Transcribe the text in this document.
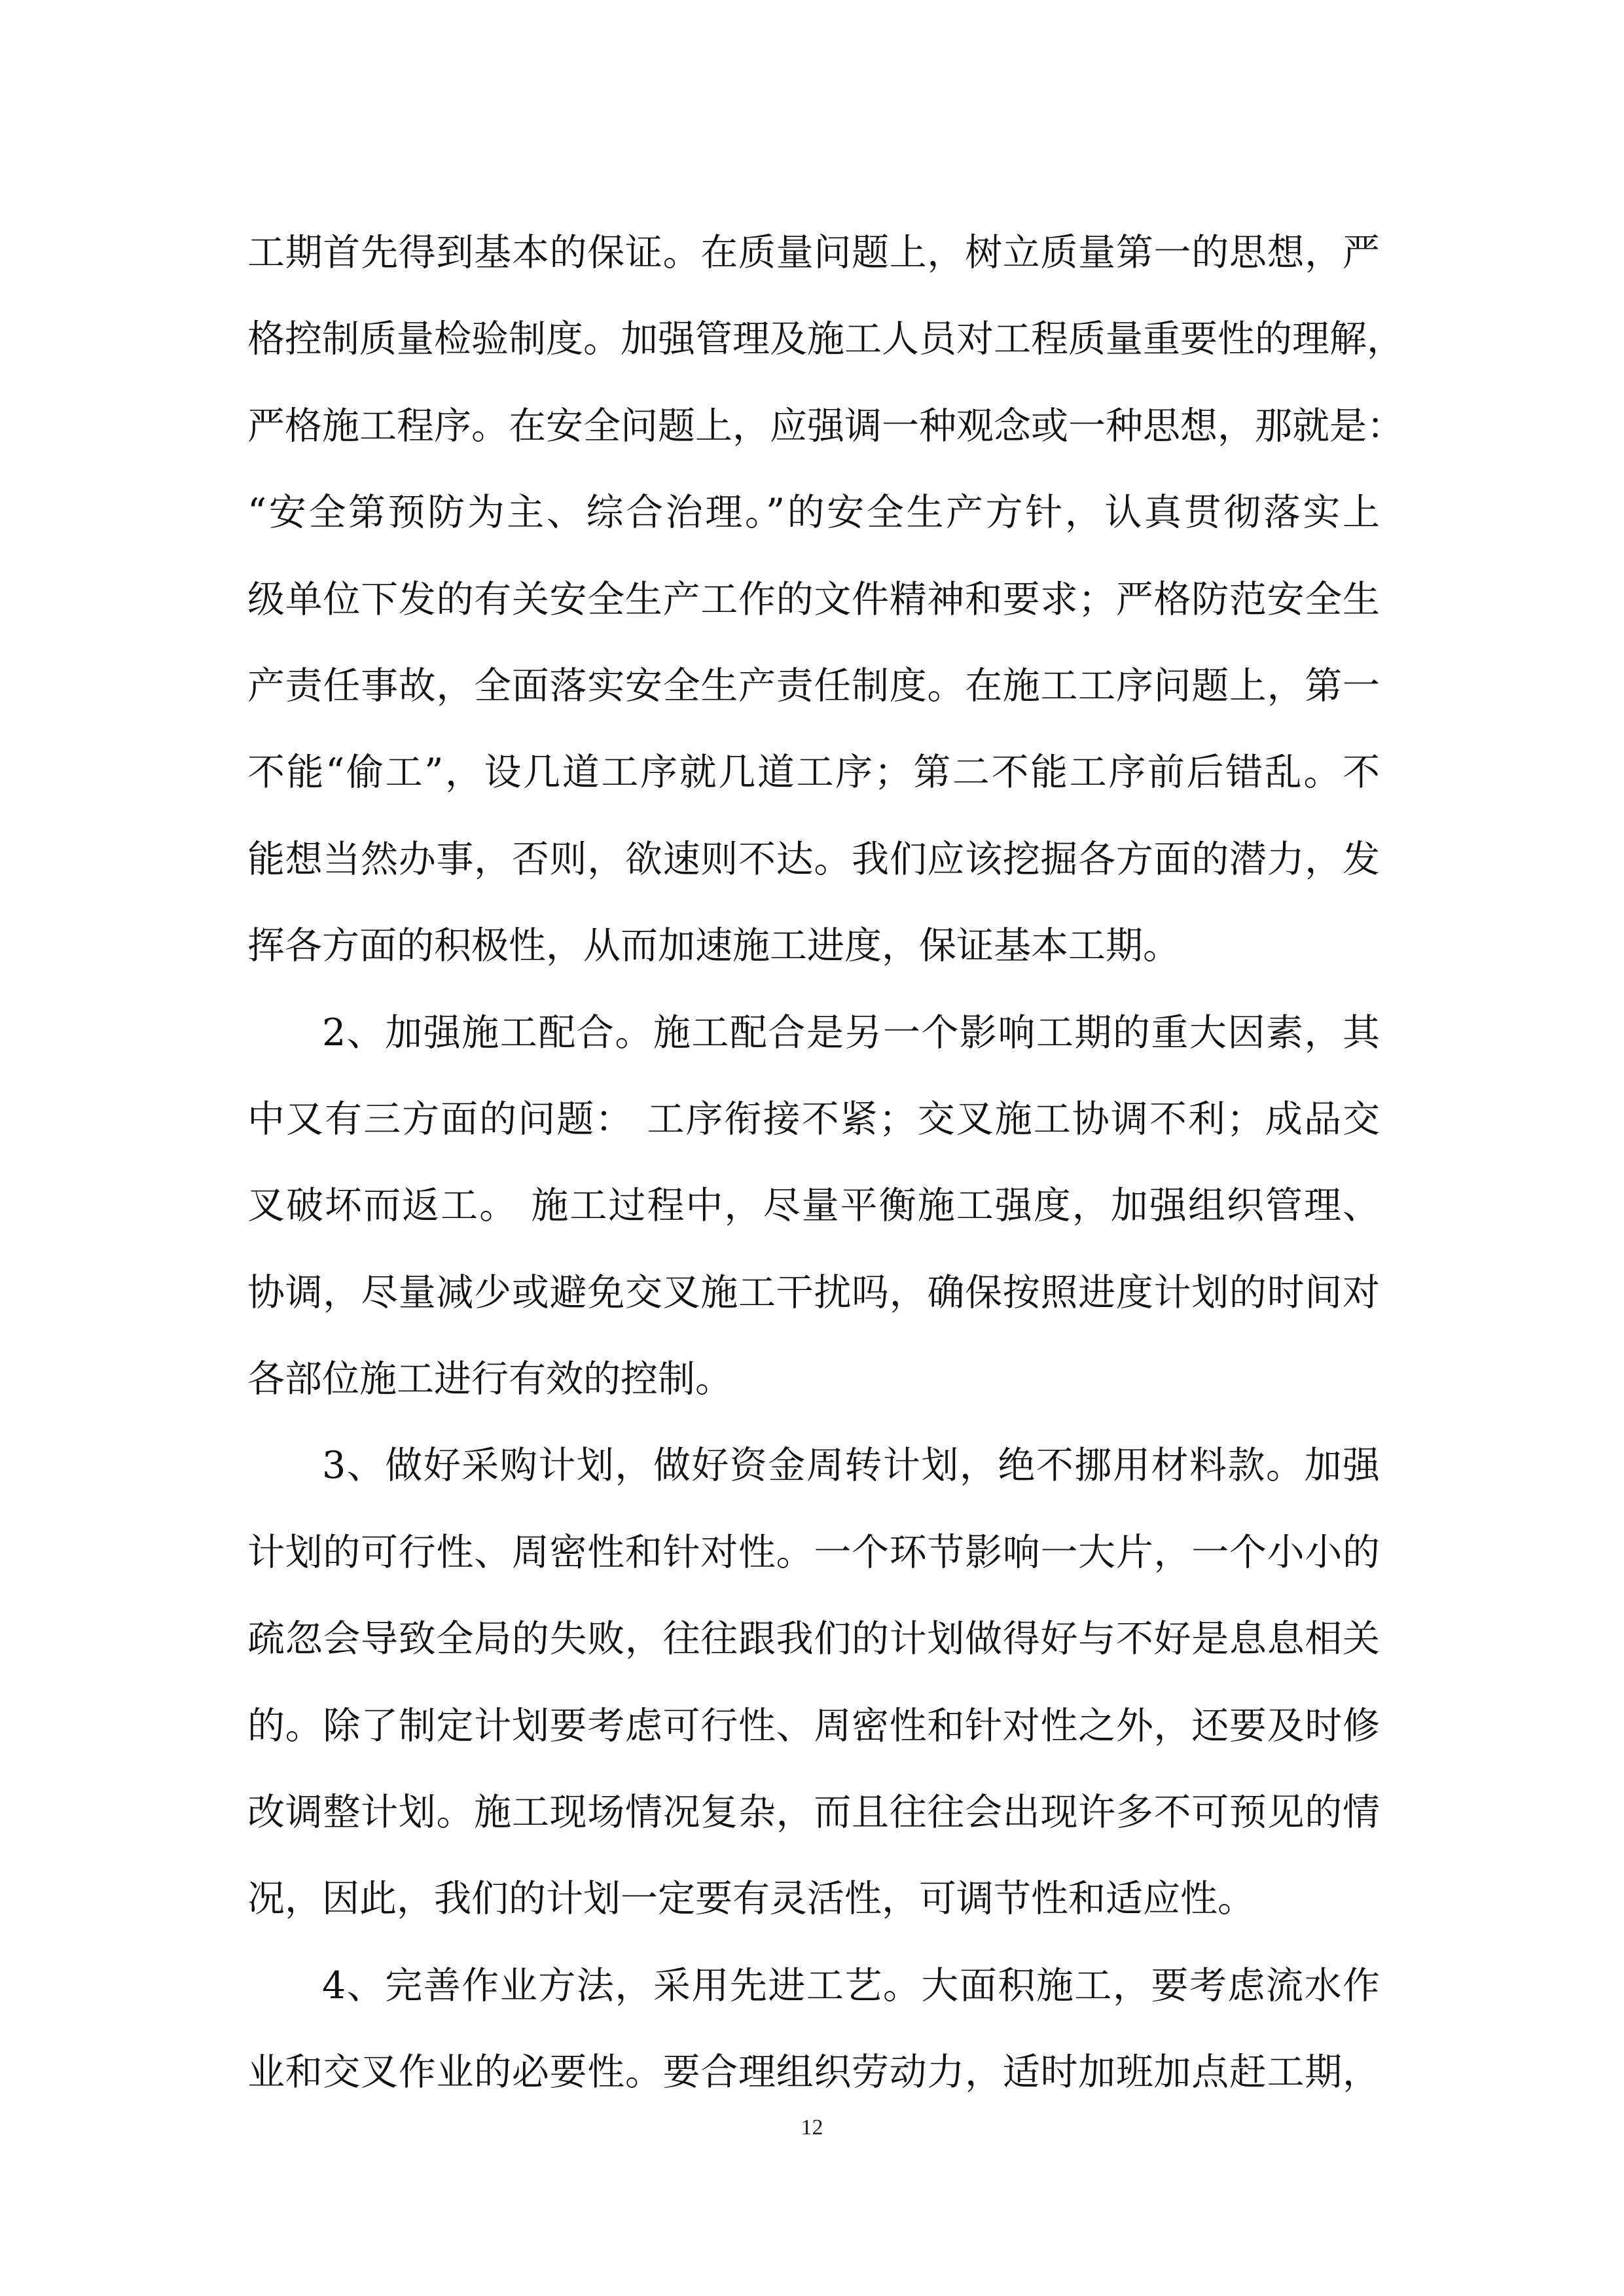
工期首先得到基本的保证。在质量问题上，树立质量第一的思想，严
格控制质量检验制度。加强管理及施工人员对工程质量重要性的理解，
严格施工程序。在安全问题上，应强调一种观念或一种思想，那就是：
“安全第预防为主、综合治理。”的安全生产方针，认真贯彻落实上
级单位下发的有关安全生产工作的文件精神和要求；严格防范安全生
产责任事故，全面落实安全生产责任制度。在施工工序问题上，第一
不能“偷工”，设几道工序就几道工序；第二不能工序前后错乱。不
能想当然办事，否则，欲速则不达。我们应该挖掘各方面的潜力，发
挥各方面的积极性，从而加速施工进度，保证基本工期。
2、加强施工配合。施工配合是另一个影响工期的重大因素，其
中又有三方面的问题： 工序衔接不紧；交叉施工协调不利；成品交
叉破坏而返工。 施工过程中，尽量平衡施工强度，加强组织管理、
协调，尽量减少或避免交叉施工干扰吗，确保按照进度计划的时间对
各部位施工进行有效的控制。
3、做好采购计划，做好资金周转计划，绝不挪用材料款。加强
计划的可行性、周密性和针对性。一个环节影响一大片，一个小小的
疏忽会导致全局的失败，往往跟我们的计划做得好与不好是息息相关
的。除了制定计划要考虑可行性、周密性和针对性之外，还要及时修
改调整计划。施工现场情况复杂，而且往往会出现许多不可预见的情
况，因此，我们的计划一定要有灵活性，可调节性和适应性。
4、完善作业方法，采用先进工艺。大面积施工，要考虑流水作
业和交叉作业的必要性。要合理组织劳动力，适时加班加点赶工期，
12
